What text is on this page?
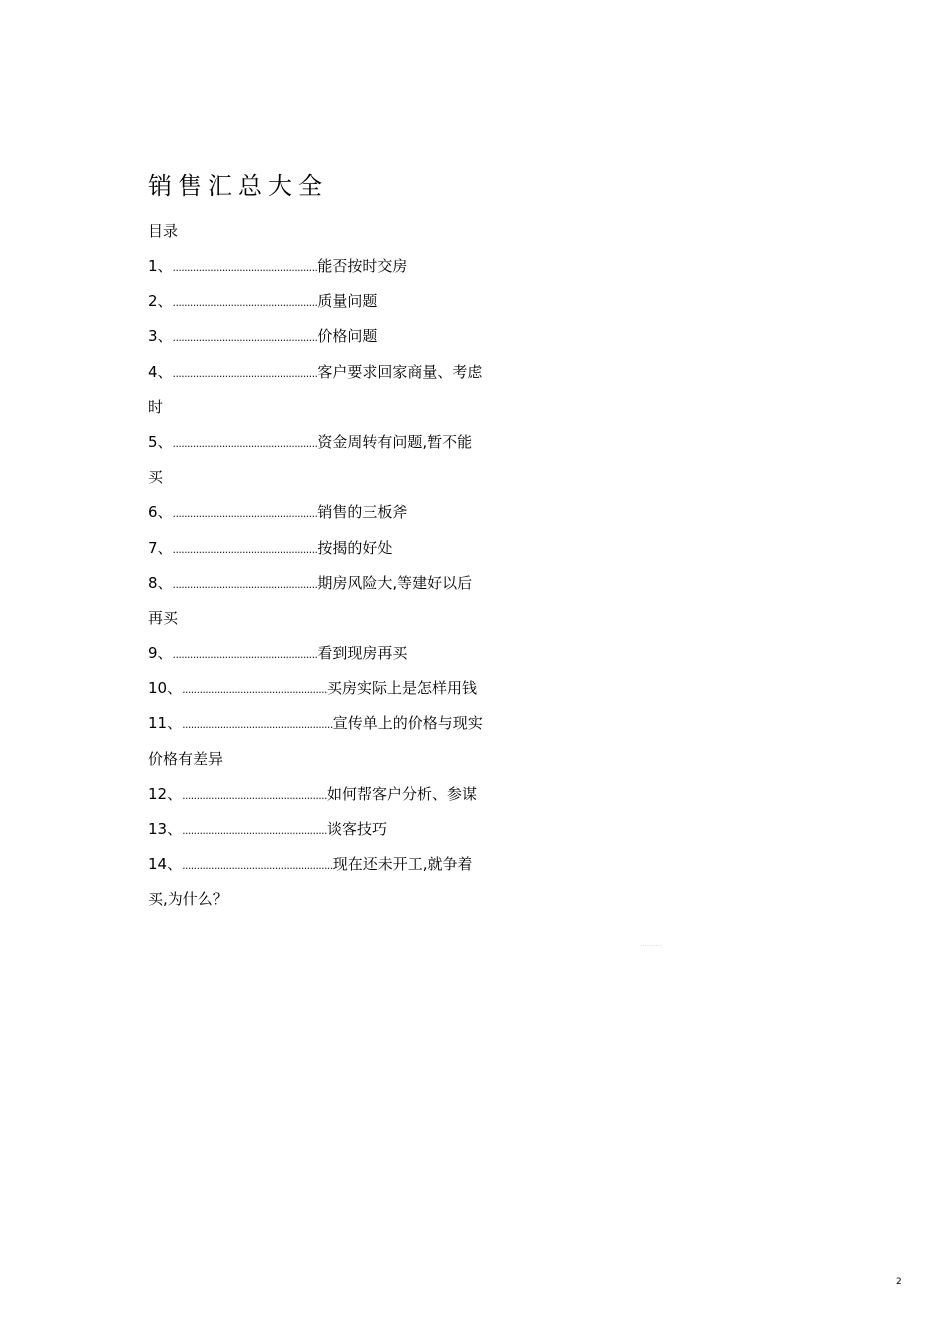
销售汇总大全
目录
1、..................................................能否按时交房
2、..................................................质量问题
3、..................................................价格问题
4、..................................................客户要求回家商量、考虑
时
5、..................................................资金周转有问题,暂不能
买
6、..................................................销售的三板斧
7、..................................................按揭的好处
8、..................................................期房风险大,等建好以后
再买
9、..................................................看到现房再买
10、..................................................买房实际上是怎样用钱
11、....................................................宣传单上的价格与现实
价格有差异
12、..................................................如何帮客户分析、参谋
13、..................................................谈客技巧
14、....................................................现在还未开工,就争着
买,为什么？
..........
2
